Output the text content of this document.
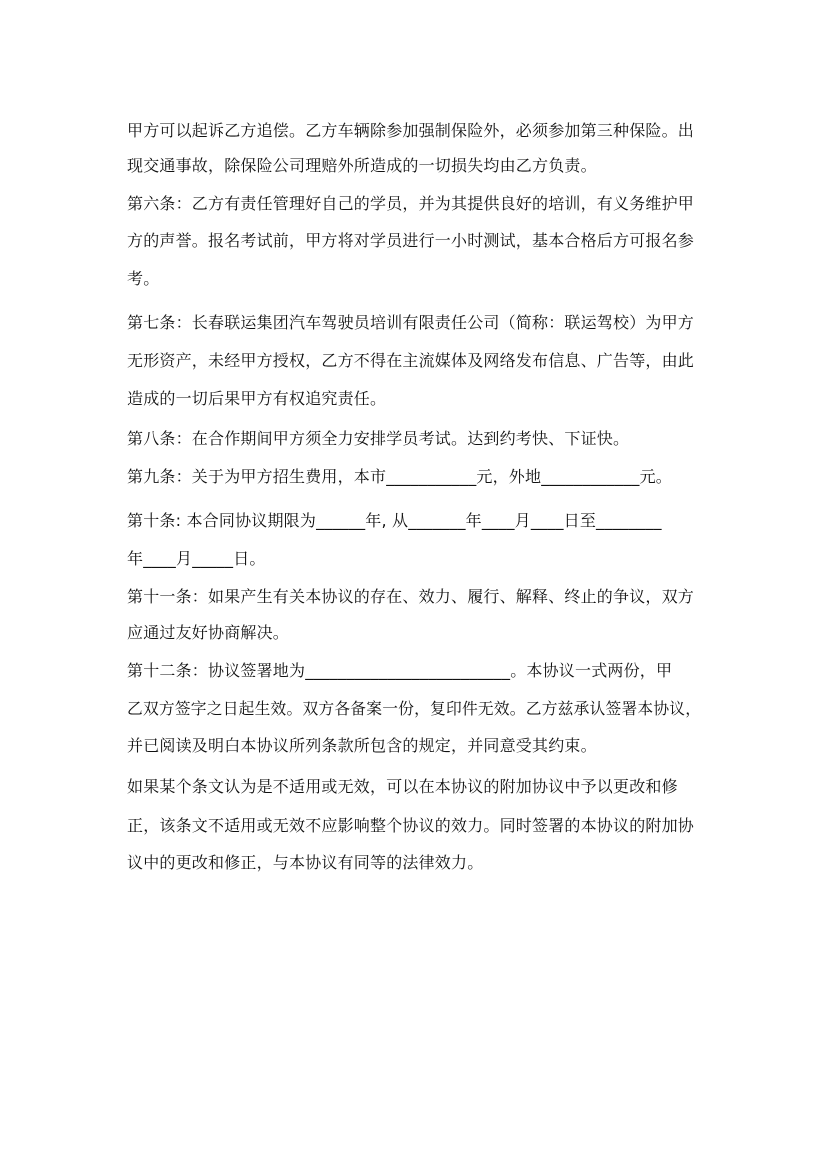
甲方可以起诉乙方追偿。乙方车辆除参加强制保险外，必须参加第三种保险。出
现交通事故，除保险公司理赔外所造成的一切损失均由乙方负责。
第六条：乙方有责任管理好自己的学员，并为其提供良好的培训，有义务维护甲
方的声誉。报名考试前，甲方将对学员进行一小时测试，基本合格后方可报名参
考。
第七条：长春联运集团汽车驾驶员培训有限责任公司（简称：联运驾校）为甲方
无形资产，未经甲方授权，乙方不得在主流媒体及网络发布信息、广告等，由此
造成的一切后果甲方有权追究责任。
第八条：在合作期间甲方须全力安排学员考试。达到约考快、下证快。
第九条：关于为甲方招生费用，本市___________元，外地____________元。
第十条: 本合同协议期限为______年, 从_______年____月____日至________
年____月_____日。
第十一条：如果产生有关本协议的存在、效力、履行、解释、终止的争议，双方
应通过友好协商解决。
第十二条：协议签署地为_________________________。本协议一式两份，甲
乙双方签字之日起生效。双方各备案一份，复印件无效。乙方兹承认签署本协议，
并已阅读及明白本协议所列条款所包含的规定，并同意受其约束。
如果某个条文认为是不适用或无效，可以在本协议的附加协议中予以更改和修
正，该条文不适用或无效不应影响整个协议的效力。同时签署的本协议的附加协
议中的更改和修正，与本协议有同等的法律效力。
